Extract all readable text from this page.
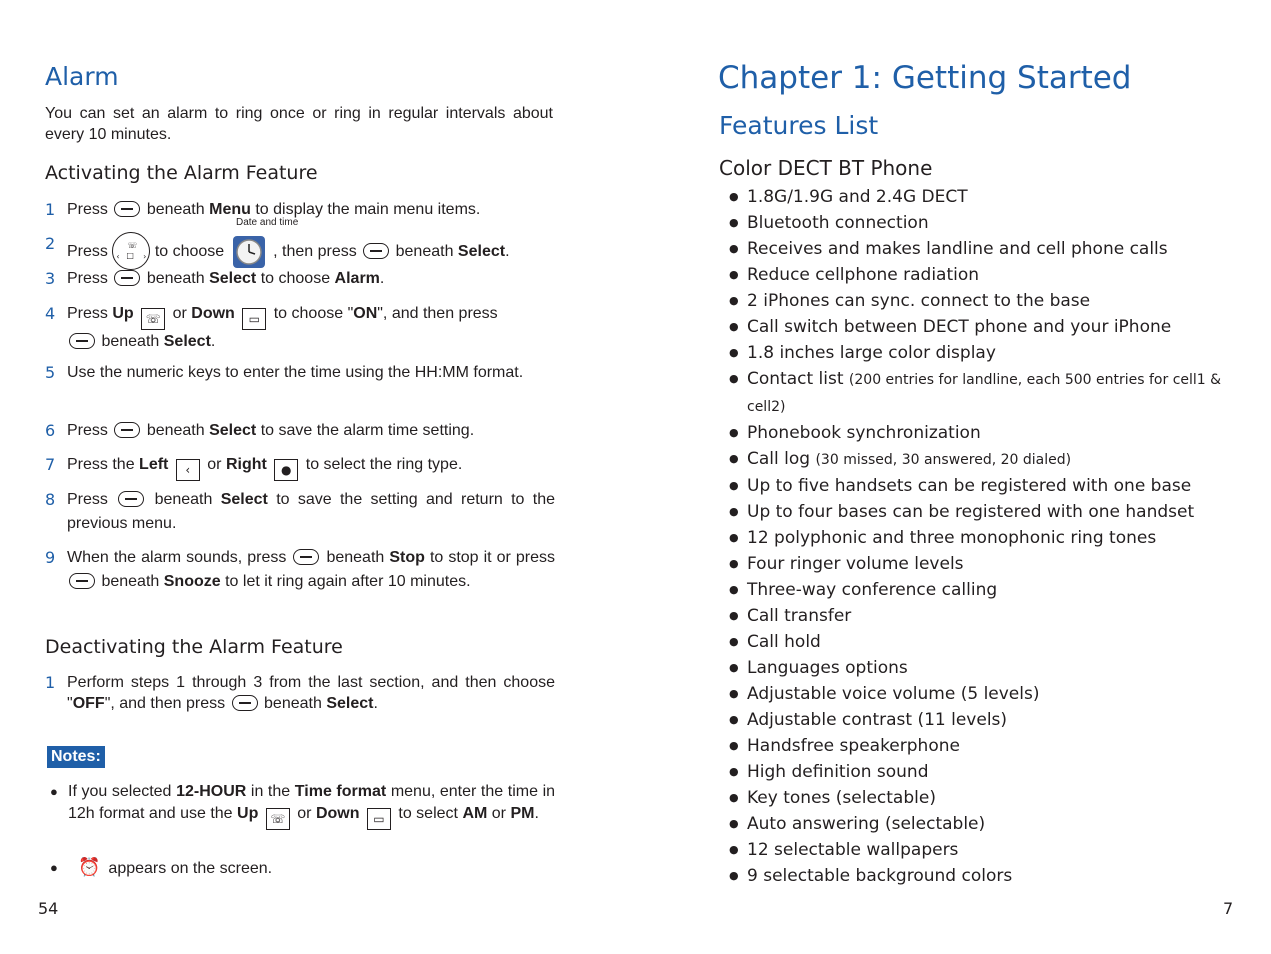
Alarm
You can set an alarm to ring once or ring in regular intervals about every 10 minutes.
Activating the Alarm Feature
1 Press beneath Menu to display the main menu items.
2 Press ☏
‹	›
□ to choose	, then press beneath Select.
Date and time
3 Press beneath Select to choose Alarm.
4 Press Up ☏ or Down ▭ to choose "ON", and then press
beneath Select.
5 Use the numeric keys to enter the time using the HH:MM format.
6 Press beneath Select to save the alarm time setting.
7 Press the Left ‹ or Right ● to select the ring type.
8 Press	beneath Select to save the setting and return to the previous menu.
9 When the alarm sounds, press	beneath Stop to stop it or press  beneath Snooze to let it ring again after 10 minutes.
Deactivating the Alarm Feature
1 Perform steps 1 through 3 from the last section, and then choose "OFF", and then press beneath Select.
Notes:
● If you selected 12-HOUR in the Time format menu, enter the time in 12h format and use the Up ☏ or Down ▭ to select AM or PM.
● ⏰ appears on the screen.
54
Chapter 1: Getting Started
Features List
Color DECT BT Phone
● 1.8G/1.9G and 2.4G DECT
● Bluetooth connection
● Receives and makes landline and cell phone calls
● Reduce cellphone radiation
● 2 iPhones can sync. connect to the base
● Call switch between DECT phone and your iPhone
● 1.8 inches large color display
● Contact list (200 entries for landline, each 500 entries for cell1 & cell2)
● Phonebook synchronization
● Call log (30 missed, 30 answered, 20 dialed)
● Up to five handsets can be registered with one base
● Up to four bases can be registered with one handset
● 12 polyphonic and three monophonic ring tones
● Four ringer volume levels
● Three-way conference calling
● Call transfer
● Call hold
● Languages options
● Adjustable voice volume (5 levels)
● Adjustable contrast (11 levels)
● Handsfree speakerphone
● High definition sound
● Key tones (selectable)
● Auto answering (selectable)
● 12 selectable wallpapers
● 9 selectable background colors
7
